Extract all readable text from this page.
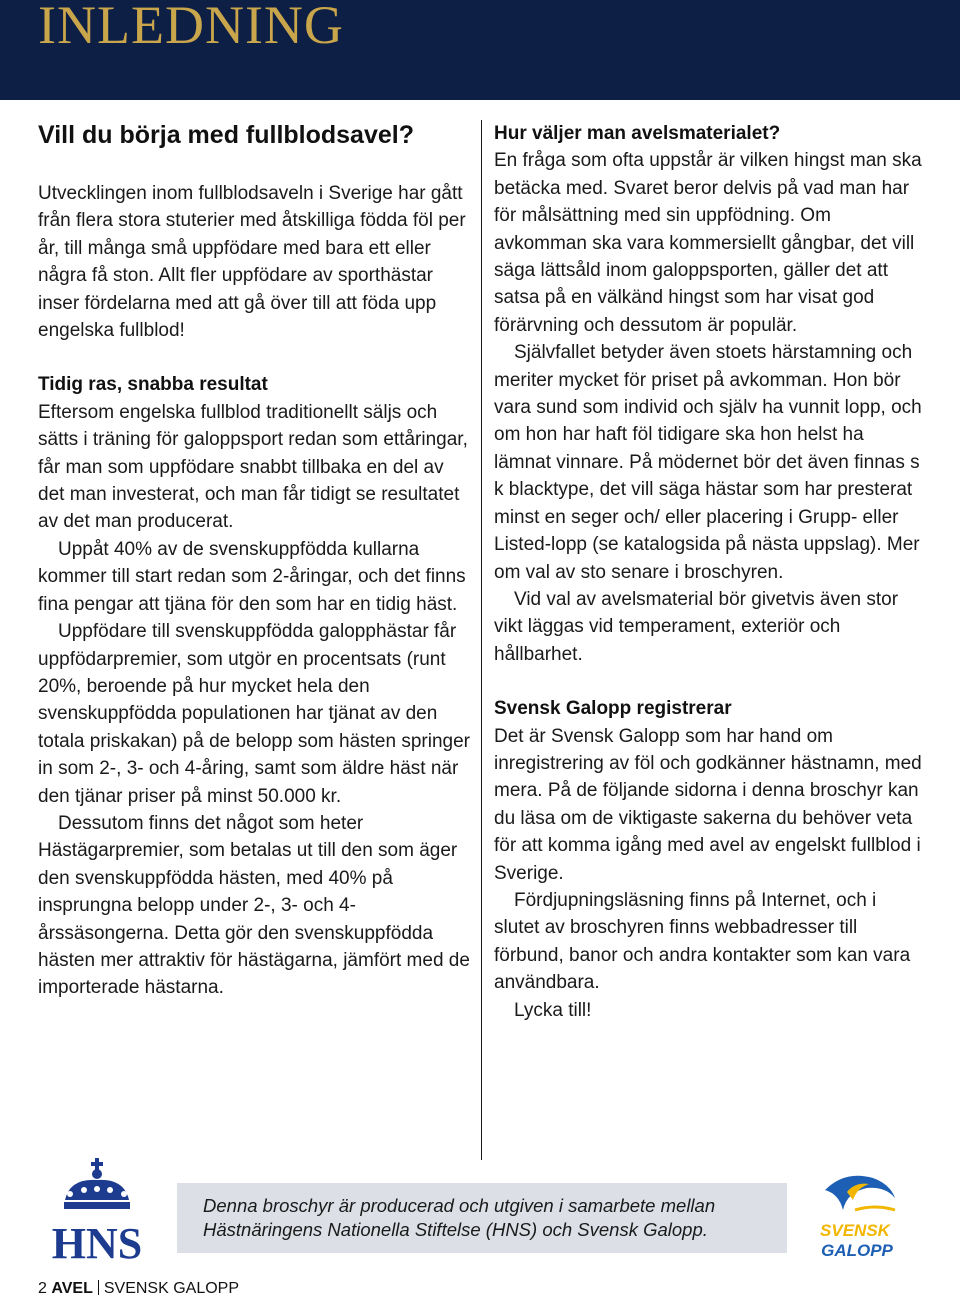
INLEDNING

Vill du börja med fullblodsavel?

Utvecklingen inom fullblodsaveln i Sverige har gått från flera stora stuterier med åtskilliga födda föl per år, till många små uppfödare med bara ett eller några få ston. Allt fler uppfödare av sporthästar inser fördelarna med att gå över till att föda upp engelska fullblod!

Tidig ras, snabba resultat

Eftersom engelska fullblod traditionellt säljs och sätts i träning för galoppsport redan som ettåringar, får man som uppfödare snabbt tillbaka en del av det man investerat, och man får tidigt se resultatet av det man producerat.

Uppåt 40% av de svenskuppfödda kullarna kommer till start redan som 2-åringar, och det finns fina pengar att tjäna för den som har en tidig häst.

Uppfödare till svenskuppfödda galopphästar får uppfödarpremier, som utgör en procentsats (runt 20%, beroende på hur mycket hela den svenskuppfödda populationen har tjänat av den totala priskakan) på de belopp som hästen springer in som 2-, 3- och 4-åring, samt som äldre häst när den tjänar priser på minst 50.000 kr.

Dessutom finns det något som heter Hästägarpremier, som betalas ut till den som äger den svenskuppfödda hästen, med 40% på insprungna belopp under 2-, 3- och 4-årssäsongerna. Detta gör den svenskuppfödda hästen mer attraktiv för hästägarna, jämfört med de importerade hästarna.

Hur väljer man avelsmaterialet?

En fråga som ofta uppstår är vilken hingst man ska betäcka med. Svaret beror delvis på vad man har för målsättning med sin uppfödning. Om avkomman ska vara kommersiellt gångbar, det vill säga lättsåld inom galoppsporten, gäller det att satsa på en välkänd hingst som har visat god förärvning och dessutom är populär.

Självfallet betyder även stoets härstamning och meriter mycket för priset på avkomman. Hon bör vara sund som individ och själv ha vunnit lopp, och om hon har haft föl tidigare ska hon helst ha lämnat vinnare. På mödernet bör det även finnas s k blacktype, det vill säga hästar som har presterat minst en seger och/ eller placering i Grupp- eller Listed-lopp (se katalogsida på nästa uppslag). Mer om val av sto senare i broschyren.

Vid val av avelsmaterial bör givetvis även stor vikt läggas vid temperament, exteriör och hållbarhet.

Svensk Galopp registrerar

Det är Svensk Galopp som har hand om inregistrering av föl och godkänner hästnamn, med mera. På de följande sidorna i denna broschyr kan du läsa om de viktigaste sakerna du behöver veta för att komma igång med avel av engelskt fullblod i Sverige.

Fördjupningsläsning finns på Internet, och i slutet av broschyren finns webbadresser till förbund, banor och andra kontakter som kan vara användbara.

Lycka till!

HNS

Denna broschyr är producerad och utgiven i samarbete mellan Hästnäringens Nationella Stiftelse (HNS) och Svensk Galopp.	SVENSK
GALOPP
2 AVEL SVENSK GALOPP
